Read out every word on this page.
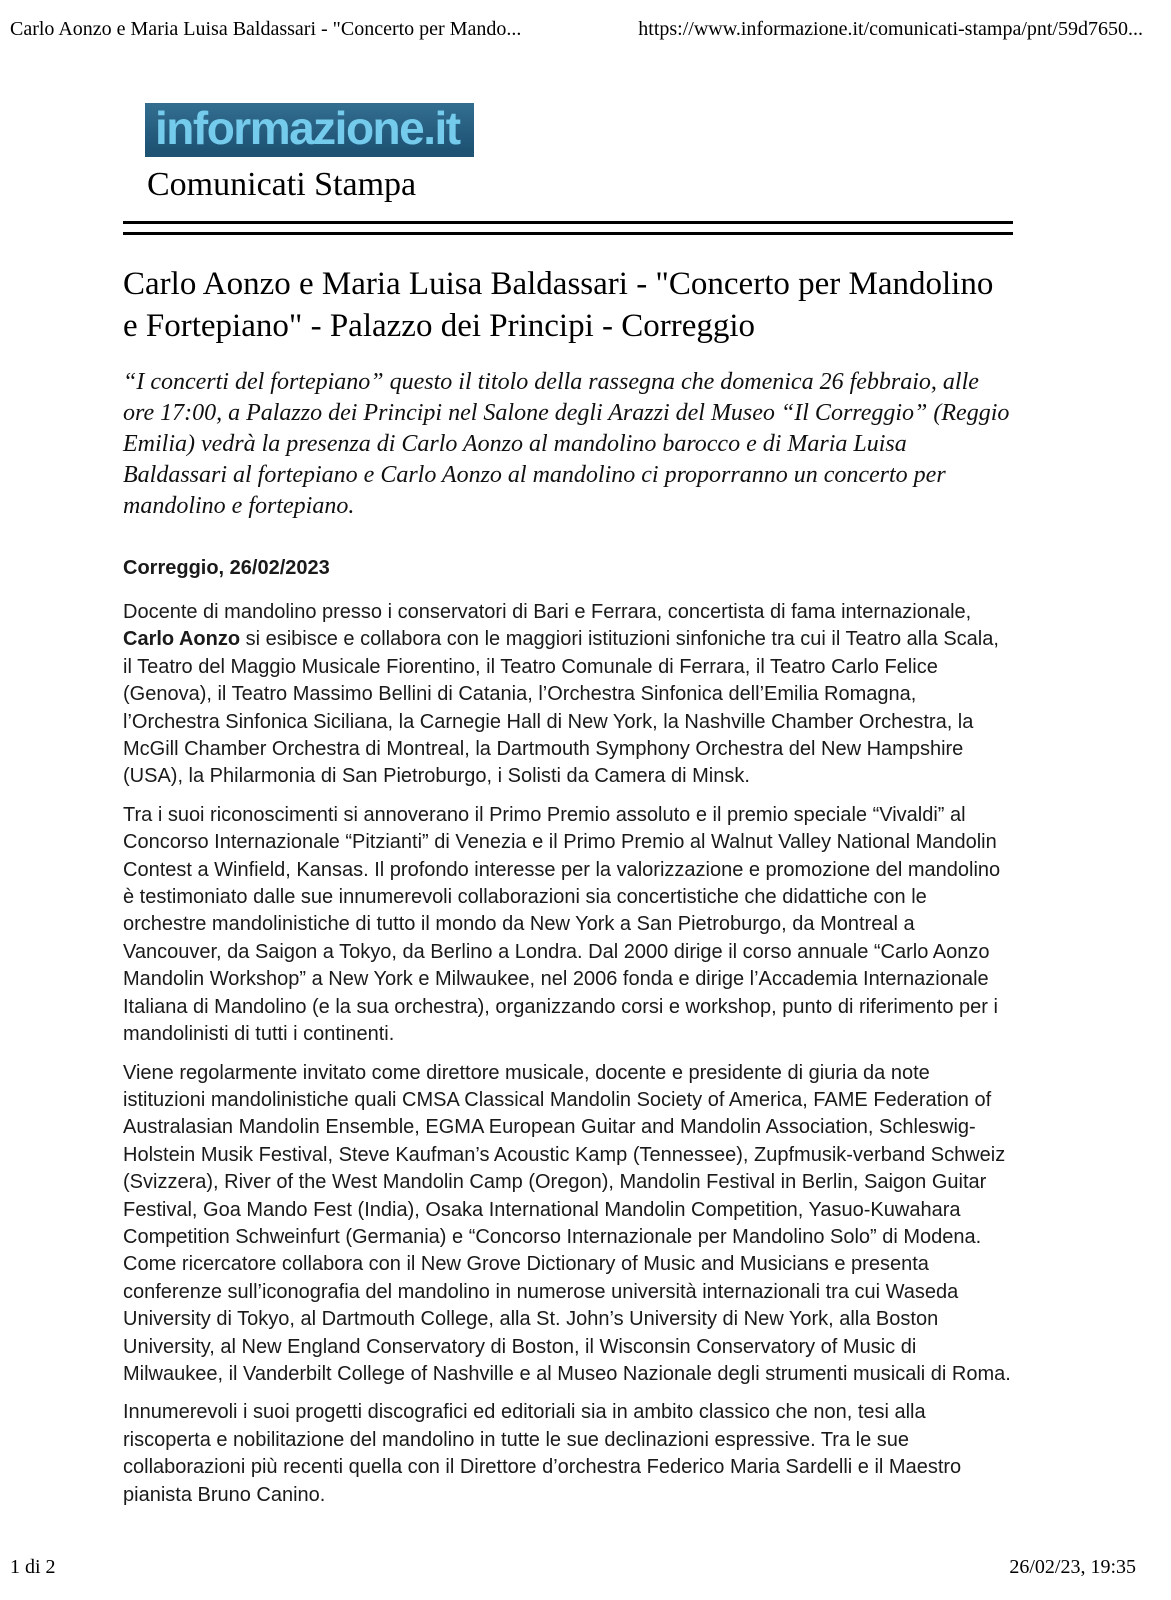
Carlo Aonzo e Maria Luisa Baldassari - "Concerto per Mando...	https://www.informazione.it/comunicati-stampa/pnt/59d7650...
informazione.it
Comunicati Stampa
Carlo Aonzo e Maria Luisa Baldassari - "Concerto per Mandolino e Fortepiano" - Palazzo dei Principi - Correggio

“I concerti del fortepiano” questo il titolo della rassegna che domenica 26 febbraio, alle ore 17:00, a Palazzo dei Principi nel Salone degli Arazzi del Museo “Il Correggio” (Reggio Emilia) vedrà la presenza di Carlo Aonzo al mandolino barocco e di Maria Luisa Baldassari al fortepiano e Carlo Aonzo al mandolino ci proporranno un concerto per mandolino e fortepiano.

Correggio, 26/02/2023

Docente di mandolino presso i conservatori di Bari e Ferrara, concertista di fama internazionale, Carlo Aonzo si esibisce e collabora con le maggiori istituzioni sinfoniche tra cui il Teatro alla Scala, il Teatro del Maggio Musicale Fiorentino, il Teatro Comunale di Ferrara, il Teatro Carlo Felice (Genova), il Teatro Massimo Bellini di Catania, l’Orchestra Sinfonica dell’Emilia Romagna, l’Orchestra Sinfonica Siciliana, la Carnegie Hall di New York, la Nashville Chamber Orchestra, la McGill Chamber Orchestra di Montreal, la Dartmouth Symphony Orchestra del New Hampshire (USA), la Philarmonia di San Pietroburgo, i Solisti da Camera di Minsk.

Tra i suoi riconoscimenti si annoverano il Primo Premio assoluto e il premio speciale “Vivaldi” al Concorso Internazionale “Pitzianti” di Venezia e il Primo Premio al Walnut Valley National Mandolin Contest a Winfield, Kansas. Il profondo interesse per la valorizzazione e promozione del mandolino è testimoniato dalle sue innumerevoli collaborazioni sia concertistiche che didattiche con le orchestre mandolinistiche di tutto il mondo da New York a San Pietroburgo, da Montreal a Vancouver, da Saigon a Tokyo, da Berlino a Londra. Dal 2000 dirige il corso annuale “Carlo Aonzo Mandolin Workshop” a New York e Milwaukee, nel 2006 fonda e dirige l’Accademia Internazionale Italiana di Mandolino (e la sua orchestra), organizzando corsi e workshop, punto di riferimento per i mandolinisti di tutti i continenti.

Viene regolarmente invitato come direttore musicale, docente e presidente di giuria da note istituzioni mandolinistiche quali CMSA Classical Mandolin Society of America, FAME Federation of Australasian Mandolin Ensemble, EGMA European Guitar and Mandolin Association, Schleswig-Holstein Musik Festival, Steve Kaufman’s Acoustic Kamp (Tennessee), Zupfmusik-verband Schweiz (Svizzera), River of the West Mandolin Camp (Oregon), Mandolin Festival in Berlin, Saigon Guitar Festival, Goa Mando Fest (India), Osaka International Mandolin Competition, Yasuo-Kuwahara Competition Schweinfurt (Germania) e “Concorso Internazionale per Mandolino Solo” di Modena. Come ricercatore collabora con il New Grove Dictionary of Music and Musicians e presenta conferenze sull’iconografia del mandolino in numerose università internazionali tra cui Waseda University di Tokyo, al Dartmouth College, alla St. John’s University di New York, alla Boston University, al New England Conservatory di Boston, il Wisconsin Conservatory of Music di Milwaukee, il Vanderbilt College of Nashville e al Museo Nazionale degli strumenti musicali di Roma.

Innumerevoli i suoi progetti discografici ed editoriali sia in ambito classico che non, tesi alla riscoperta e nobilitazione del mandolino in tutte le sue declinazioni espressive. Tra le sue collaborazioni più recenti quella con il Direttore d’orchestra Federico Maria Sardelli e il Maestro pianista Bruno Canino.

1 di 2	26/02/23, 19:35
